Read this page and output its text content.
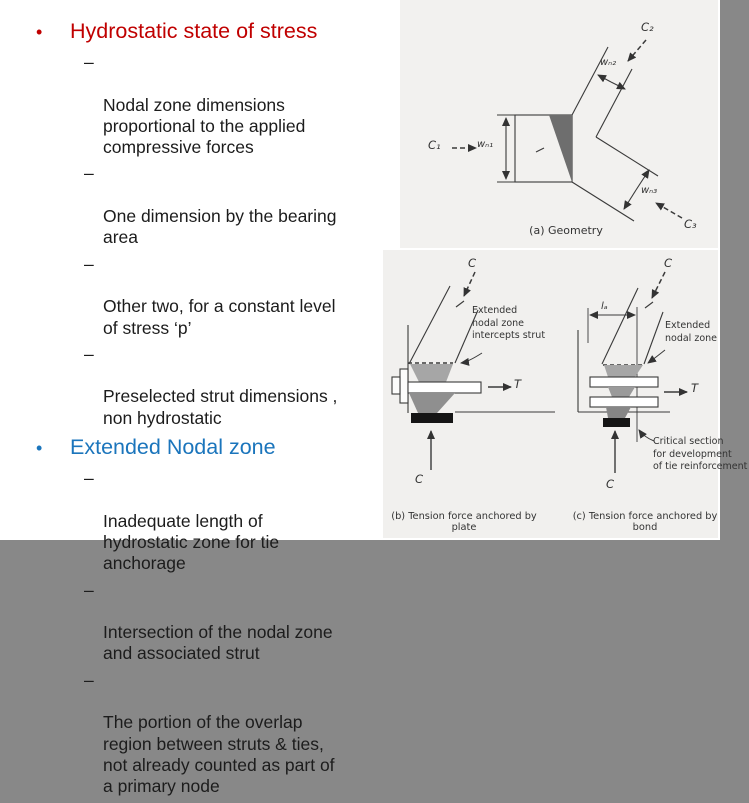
• Hydrostatic state of stress

–

Nodal zone dimensions
proportional to the applied
compressive forces

–

One dimension by the bearing
area

–

Other two, for a constant level
of stress ‘p’

–

Preselected strut dimensions ,
non hydrostatic

• Extended Nodal zone

–

Inadequate length of
hydrostatic zone for tie
anchorage

–

Intersection of the nodal zone
and associated strut

–

The portion of the overlap
region between struts & ties,
not already counted as part of
a primary node

C₁	wₙ₁
C₂
wₙ₂
wₙ₃
C₃
(a) Geometry
C
Extended
nodal zone
intercepts strut
T
C
(b) Tension force anchored by plate
C
lₐ
Extended
nodal zone
T
C
Critical section
for development
of tie reinforcement
(c) Tension force anchored by bond
